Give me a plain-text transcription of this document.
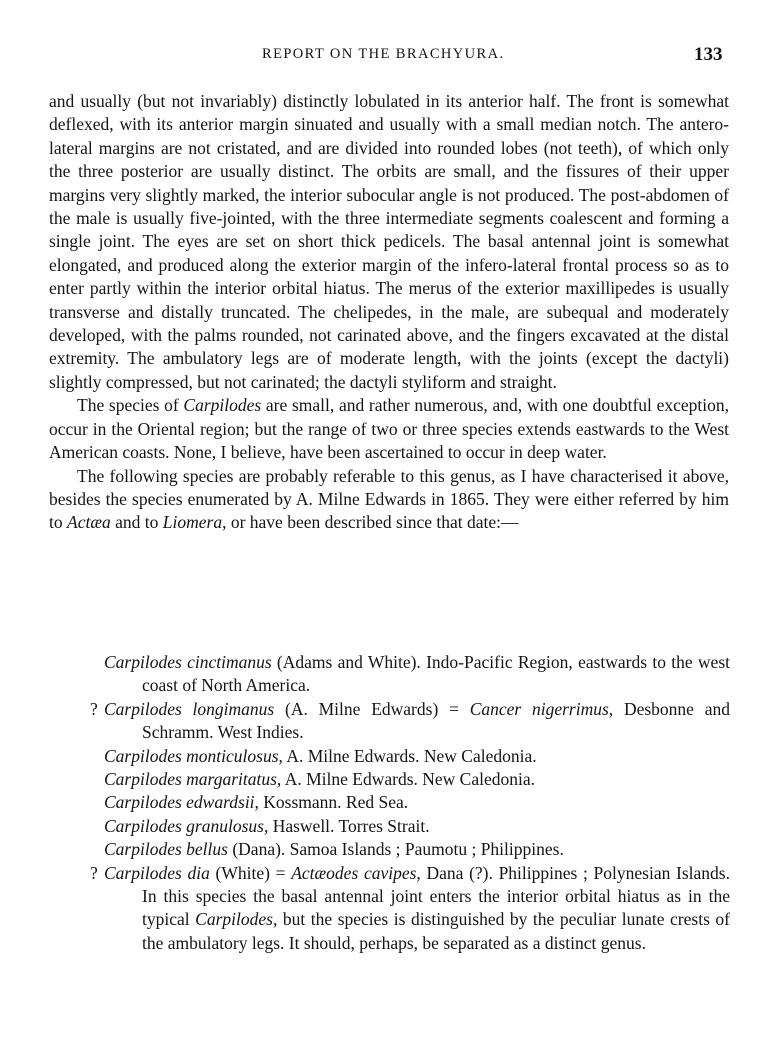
REPORT ON THE BRACHYURA.	133

and usually (but not invariably) distinctly lobulated in its anterior half. The front is somewhat deflexed, with its anterior margin sinuated and usually with a small median notch. The antero-lateral margins are not cristated, and are divided into rounded lobes (not teeth), of which only the three posterior are usually distinct. The orbits are small, and the fissures of their upper margins very slightly marked, the interior subocular angle is not produced. The post-abdomen of the male is usually five-jointed, with the three intermediate segments coalescent and forming a single joint. The eyes are set on short thick pedicels. The basal antennal joint is somewhat elongated, and produced along the exterior margin of the infero-lateral frontal process so as to enter partly within the interior orbital hiatus. The merus of the exterior maxillipedes is usually transverse and distally truncated. The chelipedes, in the male, are subequal and moderately developed, with the palms rounded, not carinated above, and the fingers excavated at the distal extremity. The ambulatory legs are of moderate length, with the joints (except the dactyli) slightly compressed, but not carinated; the dactyli styliform and straight.

The species of Carpilodes are small, and rather numerous, and, with one doubtful exception, occur in the Oriental region; but the range of two or three species extends eastwards to the West American coasts. None, I believe, have been ascertained to occur in deep water.

The following species are probably referable to this genus, as I have characterised it above, besides the species enumerated by A. Milne Edwards in 1865. They were either referred by him to Actæa and to Liomera, or have been described since that date:—

Carpilodes cinctimanus (Adams and White). Indo-Pacific Region, eastwards to the west coast of North America.
? Carpilodes longimanus (A. Milne Edwards) = Cancer nigerrimus, Desbonne and Schramm. West Indies.
Carpilodes monticulosus, A. Milne Edwards. New Caledonia.
Carpilodes margaritatus, A. Milne Edwards. New Caledonia.
Carpilodes edwardsii, Kossmann. Red Sea.
Carpilodes granulosus, Haswell. Torres Strait.
Carpilodes bellus (Dana). Samoa Islands ; Paumotu ; Philippines.
? Carpilodes dia (White) = Actæodes cavipes, Dana (?). Philippines ; Polynesian Islands. In this species the basal antennal joint enters the interior orbital hiatus as in the typical Carpilodes, but the species is distinguished by the peculiar lunate crests of the ambulatory legs. It should, perhaps, be separated as a distinct genus.
